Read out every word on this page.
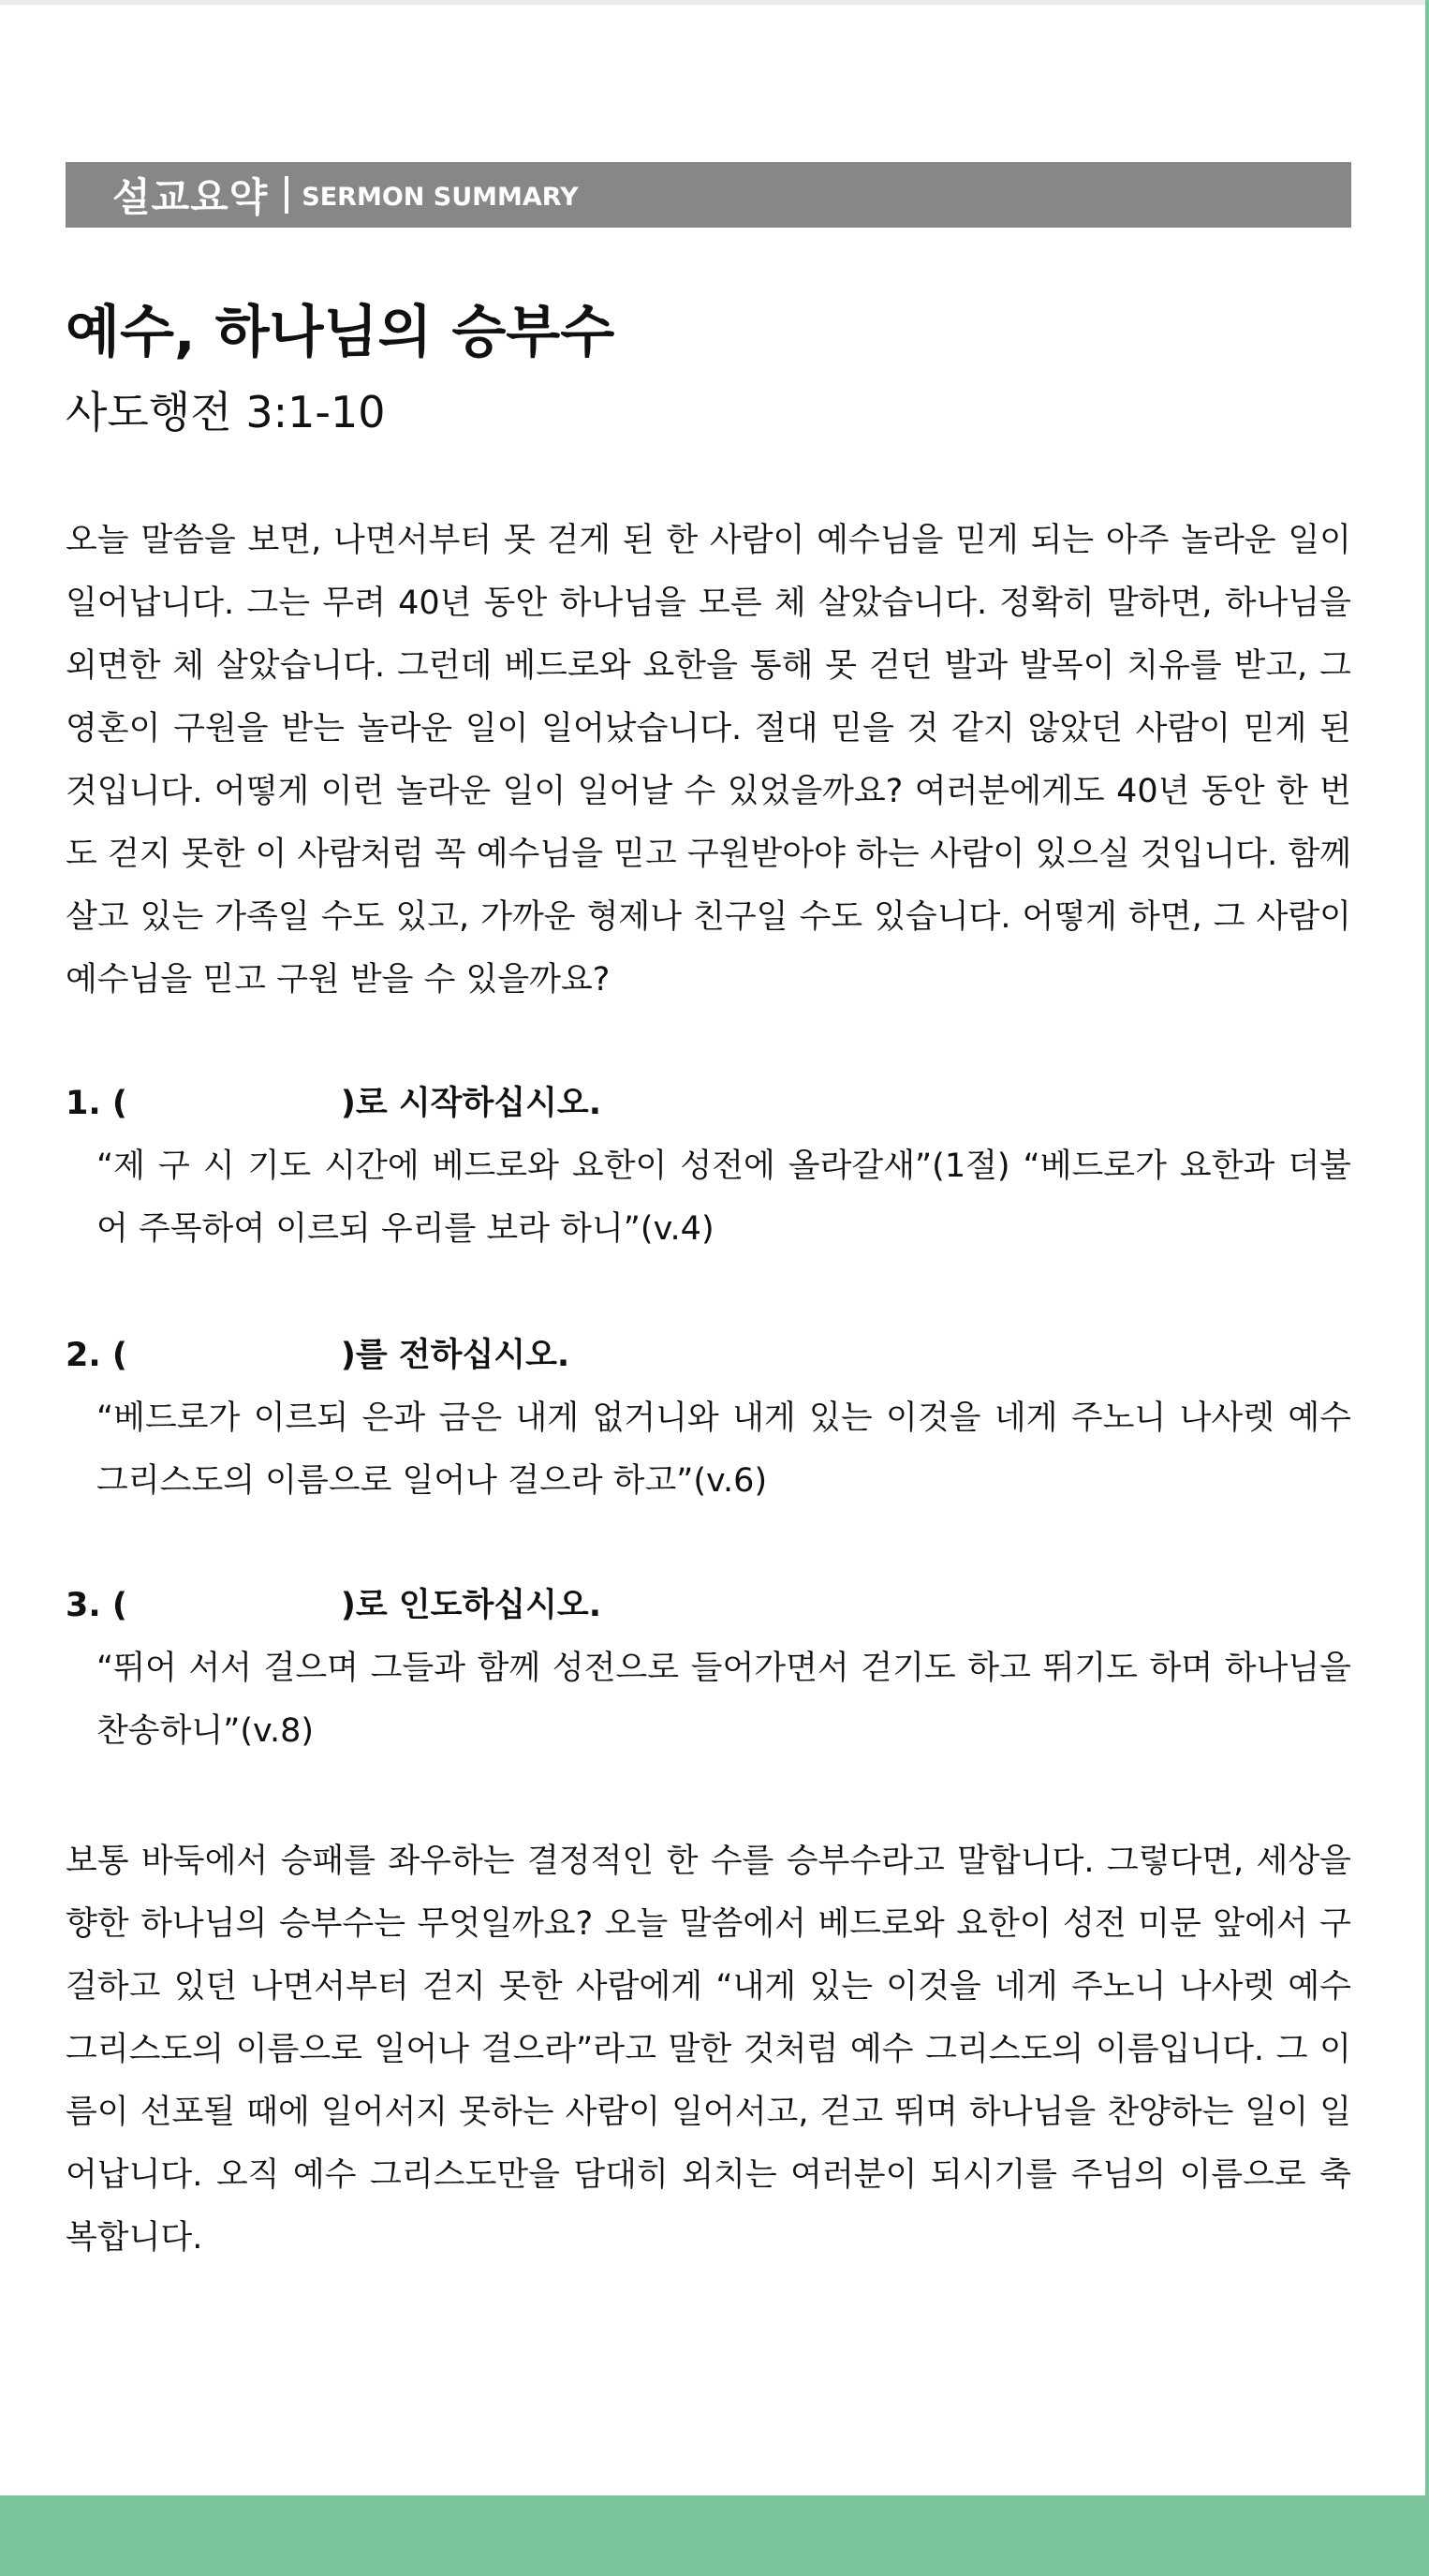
설교요약 SERMON SUMMARY
예수, 하나님의 승부수
사도행전 3:1-10

오늘 말씀을 보면, 나면서부터 못 걷게 된 한 사람이 예수님을 믿게 되는 아주 놀라운 일이 일어납니다. 그는 무려 40년 동안 하나님을 모른 체 살았습니다. 정확히 말하면, 하나님을 외면한 체 살았습니다. 그런데 베드로와 요한을 통해 못 걷던 발과 발목이 치유를 받고, 그 영혼이 구원을 받는 놀라운 일이 일어났습니다. 절대 믿을 것 같지 않았던 사람이 믿게 된 것입니다. 어떻게 이런 놀라운 일이 일어날 수 있었을까요? 여러분에게도 40년 동안 한 번도 걷지 못한 이 사람처럼 꼭 예수님을 믿고 구원받아야 하는 사람이 있으실 것입니다. 함께 살고 있는 가족일 수도 있고, 가까운 형제나 친구일 수도 있습니다. 어떻게 하면, 그 사람이 예수님을 믿고 구원 받을 수 있을까요?

1. (	)로 시작하십시오.

“제 구 시 기도 시간에 베드로와 요한이 성전에 올라갈새”(1절) “베드로가 요한과 더불어 주목하여 이르되 우리를 보라 하니”(v.4)

2. (	)를 전하십시오.

“베드로가 이르되 은과 금은 내게 없거니와 내게 있는 이것을 네게 주노니 나사렛 예수 그리스도의 이름으로 일어나 걸으라 하고”(v.6)

3. (	)로 인도하십시오.

“뛰어 서서 걸으며 그들과 함께 성전으로 들어가면서 걷기도 하고 뛰기도 하며 하나님을 찬송하니”(v.8)

보통 바둑에서 승패를 좌우하는 결정적인 한 수를 승부수라고 말합니다. 그렇다면, 세상을 향한 하나님의 승부수는 무엇일까요? 오늘 말씀에서 베드로와 요한이 성전 미문 앞에서 구걸하고 있던 나면서부터 걷지 못한 사람에게 “내게 있는 이것을 네게 주노니 나사렛 예수 그리스도의 이름으로 일어나 걸으라”라고 말한 것처럼 예수 그리스도의 이름입니다. 그 이름이 선포될 때에 일어서지 못하는 사람이 일어서고, 걷고 뛰며 하나님을 찬양하는 일이 일어납니다. 오직 예수 그리스도만을 담대히 외치는 여러분이 되시기를 주님의 이름으로 축복합니다.
